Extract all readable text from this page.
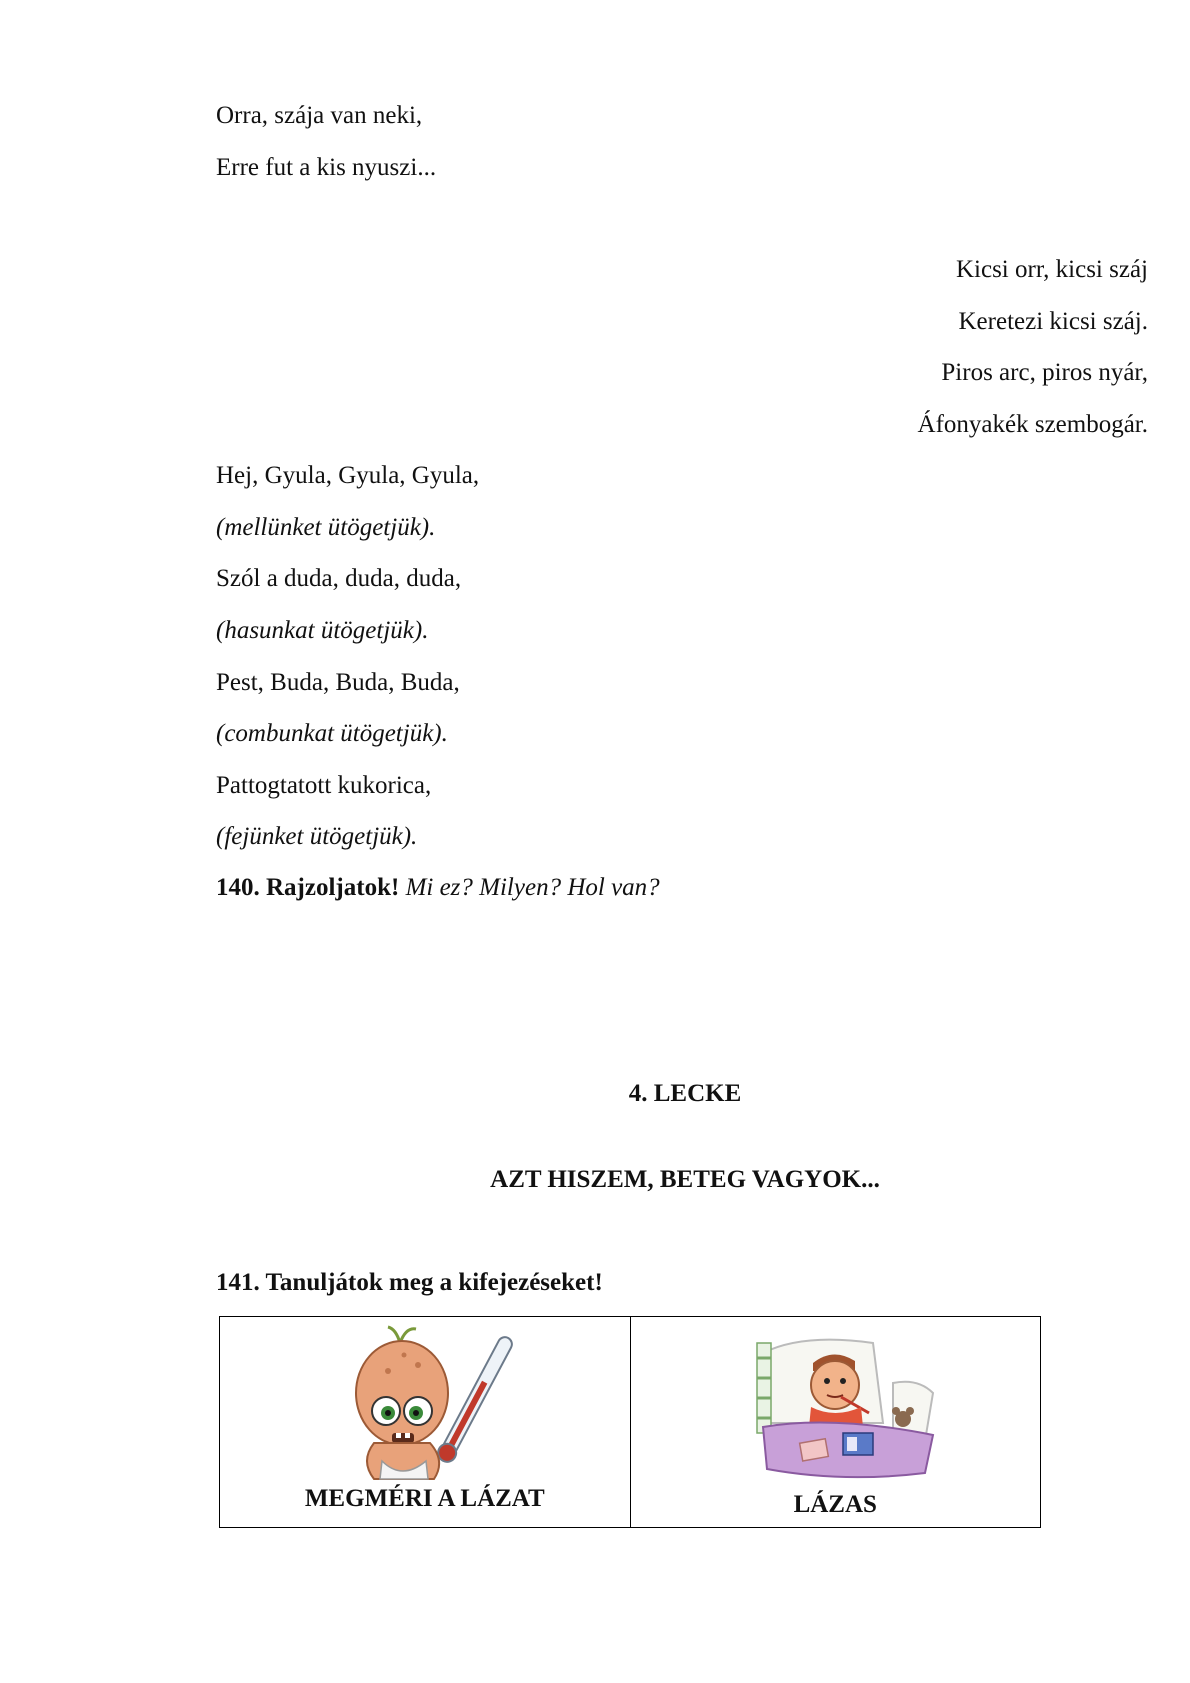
Orra, szája van neki,
Erre fut a kis nyuszi...
Kicsi orr, kicsi száj
Keretezi kicsi száj.
Piros arc, piros nyár,
Áfonyakék szembogár.
Hej, Gyula, Gyula, Gyula,
(mellünket ütögetjük).
Szól a duda, duda, duda,
(hasunkat ütögetjük).
Pest, Buda, Buda, Buda,
(combunkat ütögetjük).
Pattogtatott kukorica,
(fejünket ütögetjük).
140. Rajzoljatok! Mi ez? Milyen? Hol van?
4. LECKE
AZT HISZEM, BETEG VAGYOK...
141. Tanuljátok meg a kifejezéseket!
MEGMÉRI A LÁZAT	LÁZAS
